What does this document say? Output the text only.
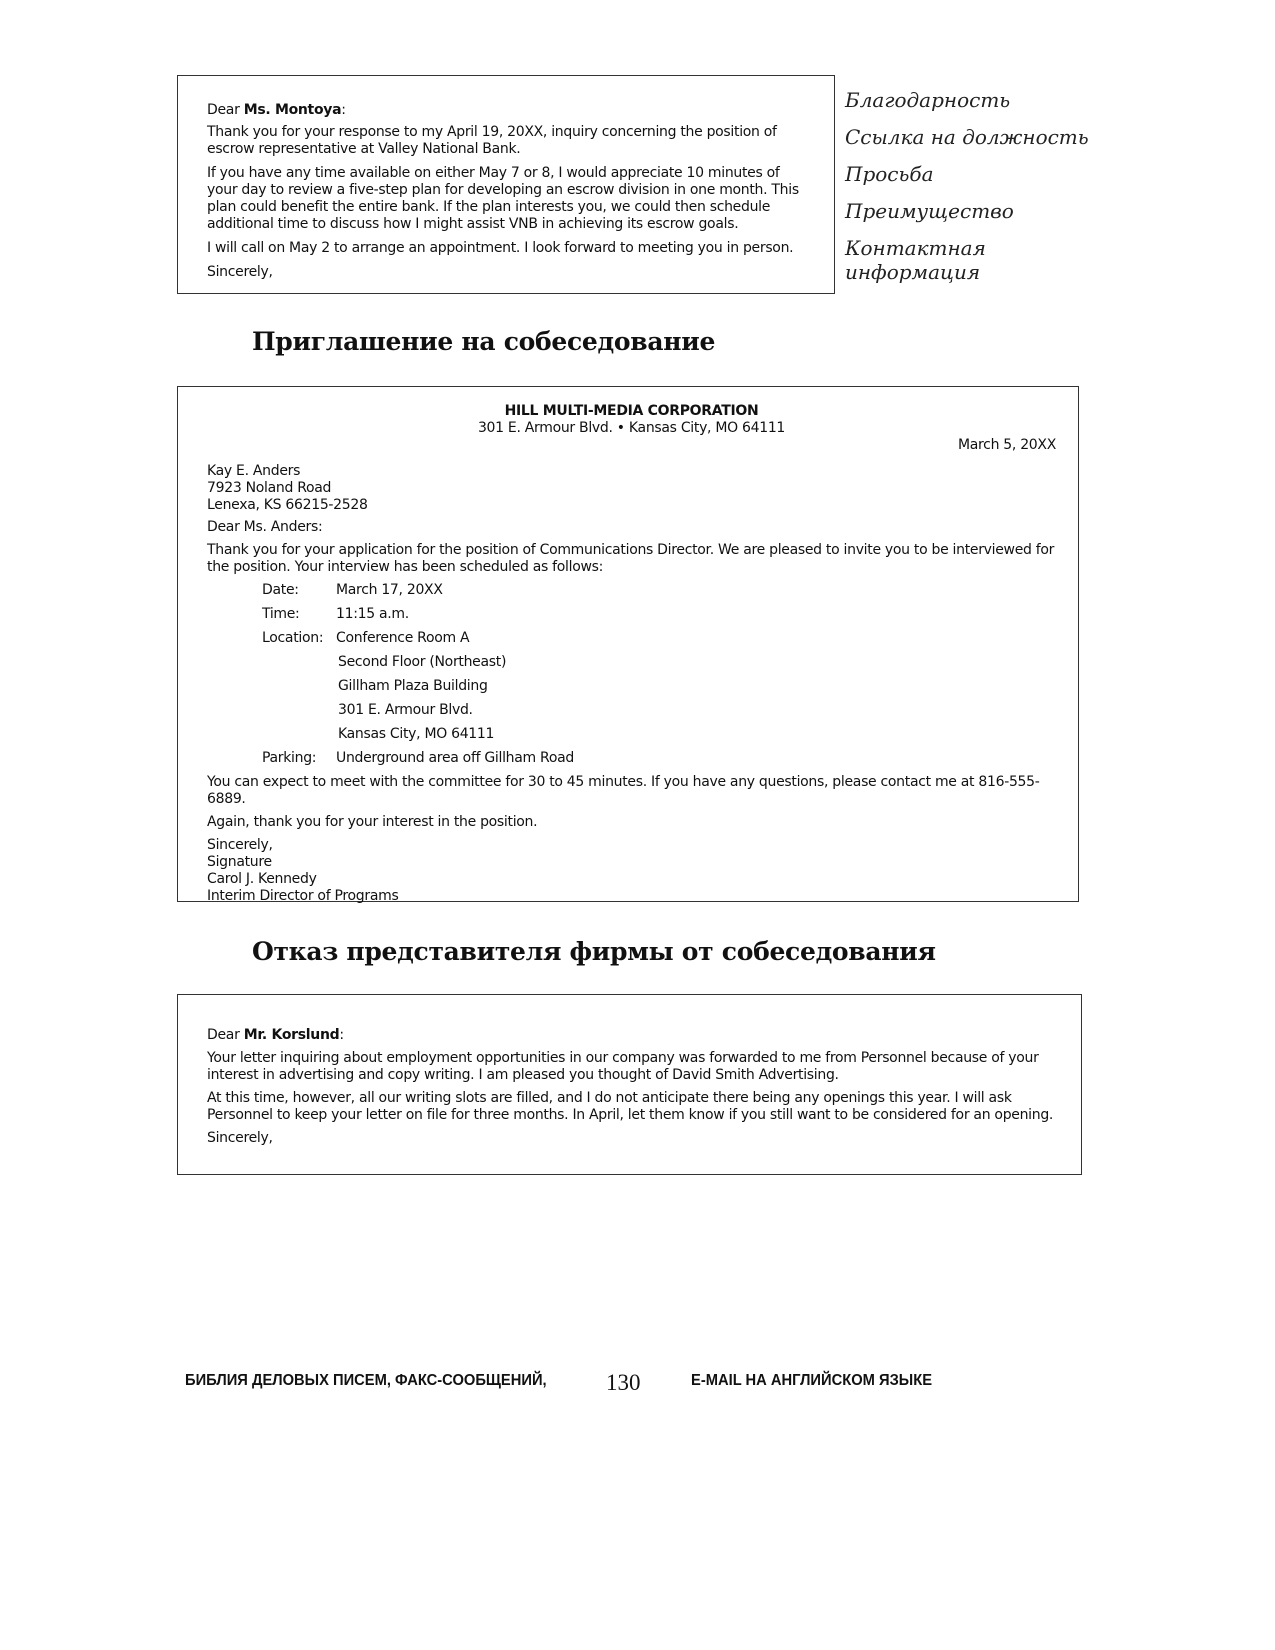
Dear Ms. Montoya:

Thank you for your response to my April 19, 20XX, inquiry concerning the position of escrow representative at Valley National Bank.

If you have any time available on either May 7 or 8, I would appreciate 10 minutes of your day to review a five-step plan for developing an escrow division in one month. This plan could benefit the entire bank. If the plan interests you, we could then schedule additional time to discuss how I might assist VNB in achieving its escrow goals.

I will call on May 2 to arrange an appointment. I look forward to meeting you in person.

Sincerely,

Благодарность
Ссылка на должность
Просьба
Преимущество
Контактная
информация
Приглашение на собеседование

HILL MULTI-MEDIA CORPORATION

301 E. Armour Blvd. • Kansas City, MO 64111

March 5, 20XX

Kay E. Anders

7923 Noland Road

Lenexa, KS 66215-2528

Dear Ms. Anders:

Thank you for your application for the position of Communications Director. We are pleased to invite you to be interviewed for the position. Your interview has been scheduled as follows:

Date:	March 17, 20XX
Time:	11:15 a.m.
Location: Conference Room A
Second Floor (Northeast)
Gillham Plaza Building
301 E. Armour Blvd.
Kansas City, MO 64111
Parking:	Underground area off Gillham Road

You can expect to meet with the committee for 30 to 45 minutes. If you have any questions, please contact me at 816-555-6889.

Again, thank you for your interest in the position.

Sincerely,

Signature

Carol J. Kennedy

Interim Director of Programs

Отказ представителя фирмы от собеседования

Dear Mr. Korslund:

Your letter inquiring about employment opportunities in our company was forwarded to me from Personnel because of your interest in advertising and copy writing. I am pleased you thought of David Smith Advertising.

At this time, however, all our writing slots are filled, and I do not anticipate there being any openings this year. I will ask Personnel to keep your letter on file for three months. In April, let them know if you still want to be considered for an opening.

Sincerely,

БИБЛИЯ ДЕЛОВЫХ ПИСЕМ, ФАКС-СООБЩЕНИЙ,	130	E-MAIL НА АНГЛИЙСКОМ ЯЗЫКЕ
